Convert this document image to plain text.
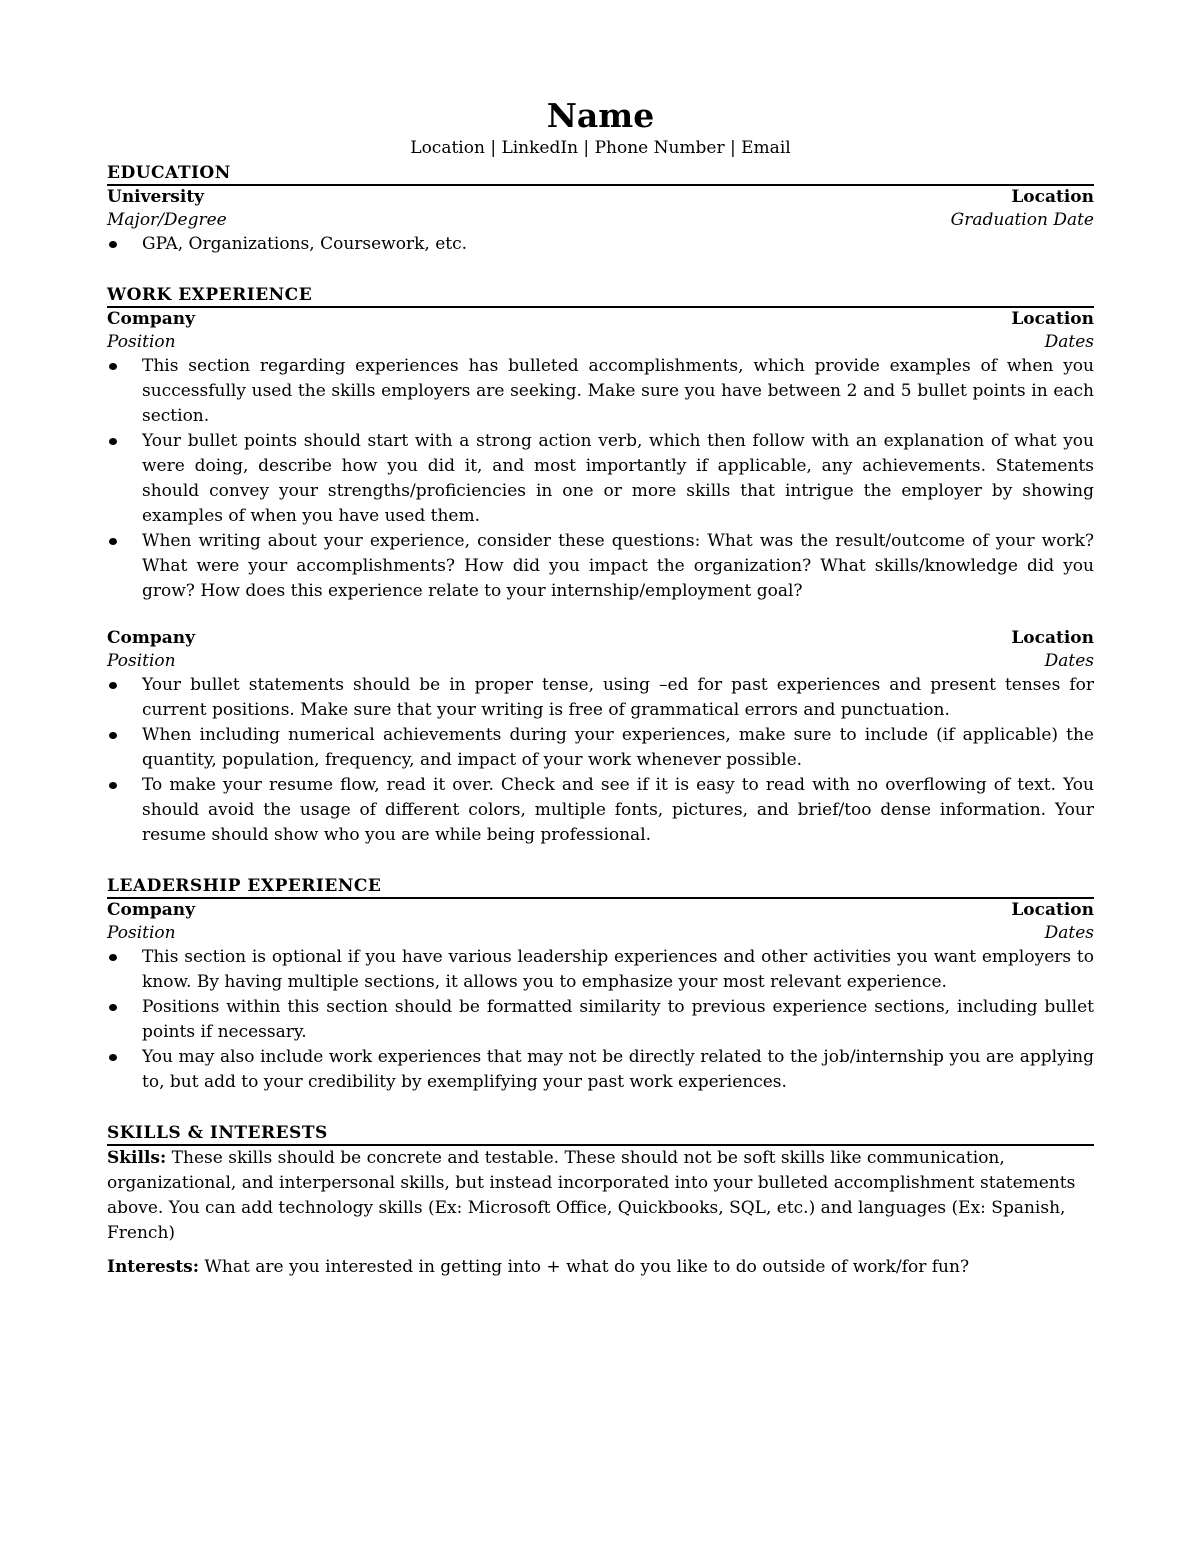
Name

Location | LinkedIn | Phone Number | Email

EDUCATION
University	Location
Major/Degree	Graduation Date
GPA, Organizations, Coursework, etc.
WORK EXPERIENCE
Company	Location
Position	Dates
This section regarding experiences has bulleted accomplishments, which provide examples of when you successfully used the skills employers are seeking. Make sure you have between 2 and 5 bullet points in each section.
Your bullet points should start with a strong action verb, which then follow with an explanation of what you were doing, describe how you did it, and most importantly if applicable, any achievements. Statements should convey your strengths/proficiencies in one or more skills that intrigue the employer by showing examples of when you have used them.
When writing about your experience, consider these questions: What was the result/outcome of your work? What were your accomplishments? How did you impact the organization? What skills/knowledge did you grow? How does this experience relate to your internship/employment goal?
Company	Location
Position	Dates
Your bullet statements should be in proper tense, using –ed for past experiences and present tenses for current positions. Make sure that your writing is free of grammatical errors and punctuation.
When including numerical achievements during your experiences, make sure to include (if applicable) the quantity, population, frequency, and impact of your work whenever possible.
To make your resume flow, read it over. Check and see if it is easy to read with no overflowing of text. You should avoid the usage of different colors, multiple fonts, pictures, and brief/too dense information. Your resume should show who you are while being professional.
LEADERSHIP EXPERIENCE
Company	Location
Position	Dates
This section is optional if you have various leadership experiences and other activities you want employers to know. By having multiple sections, it allows you to emphasize your most relevant experience.
Positions within this section should be formatted similarity to previous experience sections, including bullet points if necessary.
You may also include work experiences that may not be directly related to the job/internship you are applying to, but add to your credibility by exemplifying your past work experiences.
SKILLS & INTERESTS

Skills: These skills should be concrete and testable. These should not be soft skills like communication, organizational, and interpersonal skills, but instead incorporated into your bulleted accomplishment statements above. You can add technology skills (Ex: Microsoft Office, Quickbooks, SQL, etc.) and languages (Ex: Spanish, French)

Interests: What are you interested in getting into + what do you like to do outside of work/for fun?
